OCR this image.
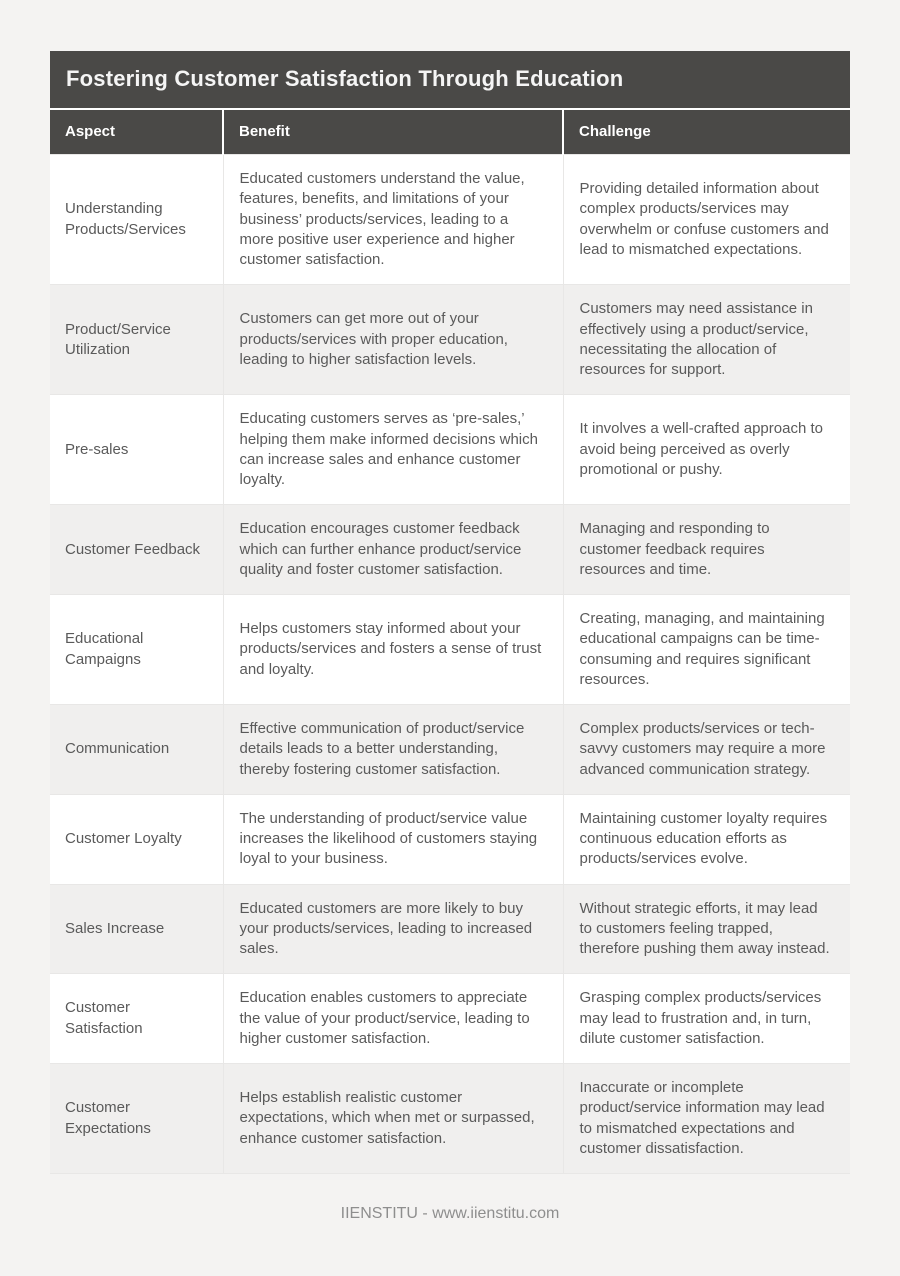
Fostering Customer Satisfaction Through Education
Aspect	Benefit	Challenge
Understanding Products/Services	Educated customers understand the value, features, benefits, and limitations of your business’ products/services, leading to a more positive user experience and higher customer satisfaction.	Providing detailed information about complex products/services may overwhelm or confuse customers and lead to mismatched expectations.
Product/Service Utilization	Customers can get more out of your products/services with proper education, leading to higher satisfaction levels.	Customers may need assistance in effectively using a product/service, necessitating the allocation of resources for support.
Pre-sales	Educating customers serves as ‘pre-sales,’ helping them make informed decisions which can increase sales and enhance customer loyalty.	It involves a well-crafted approach to avoid being perceived as overly promotional or pushy.
Customer Feedback	Education encourages customer feedback which can further enhance product/service quality and foster customer satisfaction.	Managing and responding to customer feedback requires resources and time.
Educational Campaigns	Helps customers stay informed about your products/services and fosters a sense of trust and loyalty.	Creating, managing, and maintaining educational campaigns can be time-consuming and requires significant resources.
Communication	Effective communication of product/service details leads to a better understanding, thereby fostering customer satisfaction.	Complex products/services or tech-savvy customers may require a more advanced communication strategy.
Customer Loyalty	The understanding of product/service value increases the likelihood of customers staying loyal to your business.	Maintaining customer loyalty requires continuous education efforts as products/services evolve.
Sales Increase	Educated customers are more likely to buy your products/services, leading to increased sales.	Without strategic efforts, it may lead to customers feeling trapped, therefore pushing them away instead.
Customer Satisfaction	Education enables customers to appreciate the value of your product/service, leading to higher customer satisfaction.	Grasping complex products/services may lead to frustration and, in turn, dilute customer satisfaction.
Customer Expectations	Helps establish realistic customer expectations, which when met or surpassed, enhance customer satisfaction.	Inaccurate or incomplete product/service information may lead to mismatched expectations and customer dissatisfaction.
IIENSTITU - www.iienstitu.com
